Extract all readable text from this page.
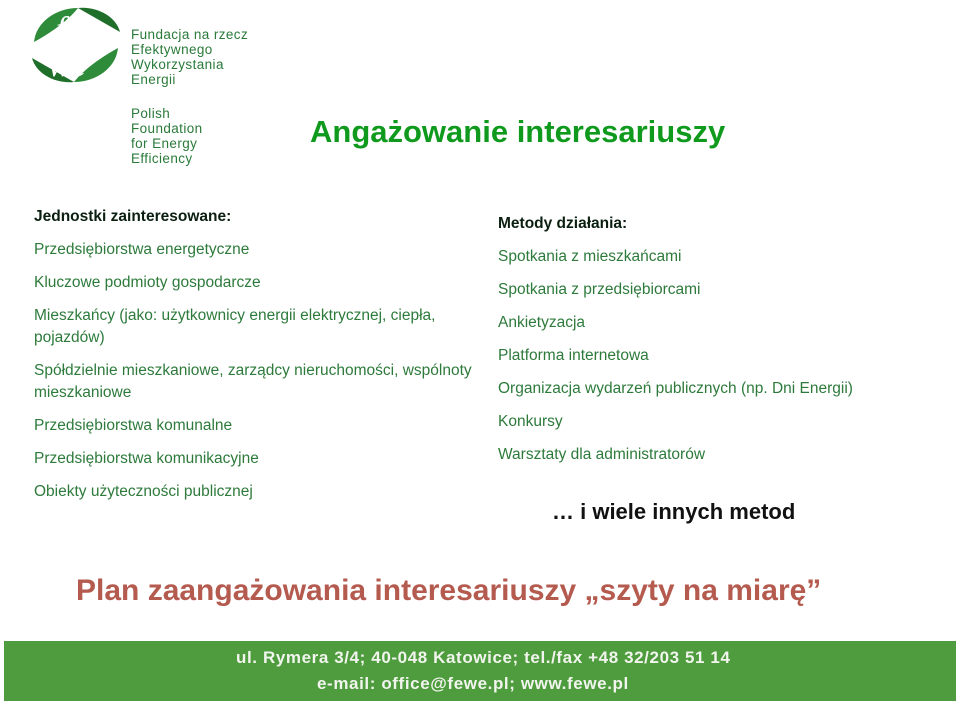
fe
we
Fundacja na rzecz
Efektywnego
Wykorzystania
Energii
Polish
Foundation
for Energy
Efficiency
Angażowanie interesariuszy
Jednostki zainteresowane:
Przedsiębiorstwa energetyczne
Kluczowe podmioty gospodarcze
Mieszkańcy (jako: użytkownicy energii elektrycznej, ciepła, pojazdów)
Spółdzielnie mieszkaniowe, zarządcy nieruchomości, wspólnoty mieszkaniowe
Przedsiębiorstwa komunalne
Przedsiębiorstwa komunikacyjne
Obiekty użyteczności publicznej
Metody działania:
Spotkania z mieszkańcami
Spotkania z przedsiębiorcami
Ankietyzacja
Platforma internetowa
Organizacja wydarzeń publicznych (np. Dni Energii)
Konkursy
Warsztaty dla administratorów
… i wiele innych metod
Plan zaangażowania interesariuszy „szyty na miarę”
ul. Rymera 3/4; 40-048 Katowice; tel./fax +48 32/203 51 14
e-mail: office@fewe.pl; www.fewe.pl
